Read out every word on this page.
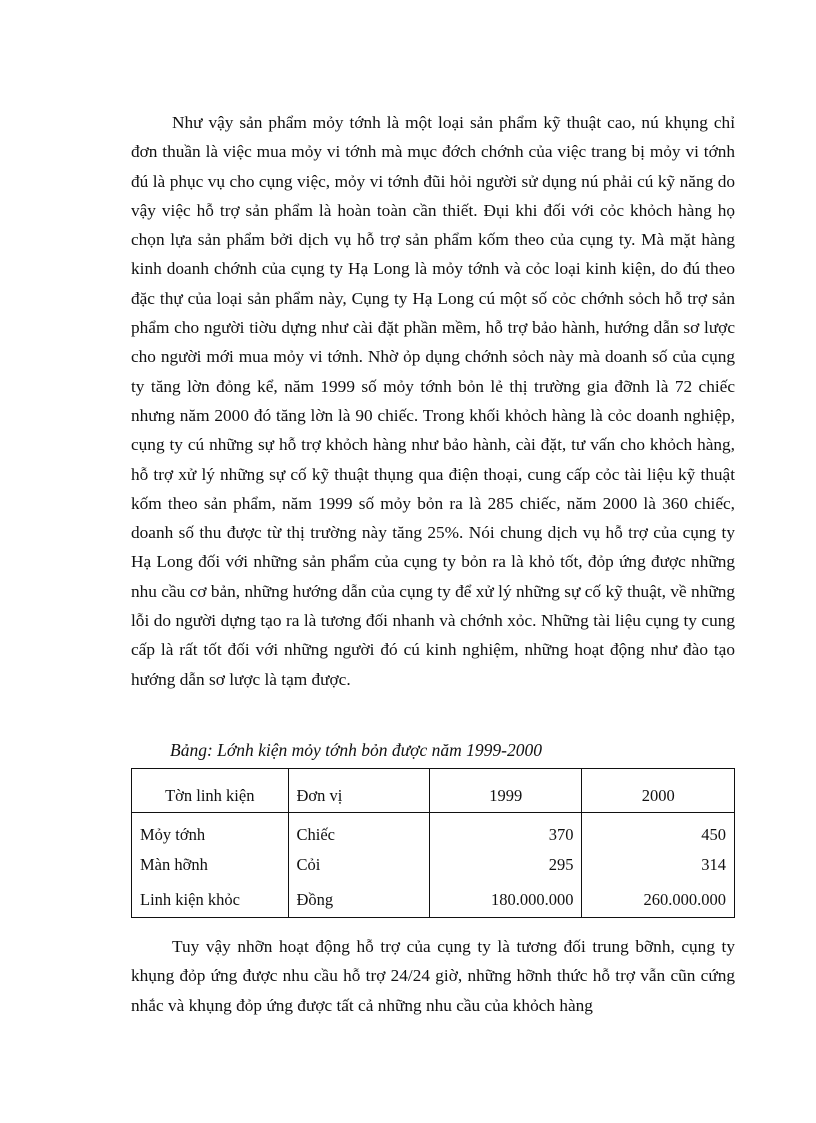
Như vậy sản phẩm mỏy tớnh là một loại sản phẩm kỹ thuật cao, nú khụng chỉ đơn thuần là việc mua mỏy vi tớnh mà mục đớch chớnh của việc trang bị mỏy vi tớnh đú là phục vụ cho cụng việc, mỏy vi tớnh đũi hỏi người sử dụng nú phải cú kỹ năng do vậy việc hỗ trợ sản phẩm là hoàn toàn cần thiết. Đụi khi đối với cỏc khỏch hàng họ chọn lựa sản phẩm bởi dịch vụ hỗ trợ sản phẩm kốm theo của cụng ty. Mà mặt hàng kinh doanh chớnh của cụng ty Hạ Long là mỏy tớnh và cỏc loại kinh kiện, do đú theo đặc thự của loại sản phẩm này, Cụng ty Hạ Long cú một số cỏc chớnh sỏch hỗ trợ sản phẩm cho người tiờu dựng như cài đặt phần mềm, hỗ trợ bảo hành, hướng dẫn sơ lược cho người mới mua mỏy vi tớnh. Nhờ ỏp dụng chớnh sỏch này mà doanh số của cụng ty tăng lờn đỏng kể, năm 1999 số mỏy tớnh bỏn lẻ thị trường gia đỡnh là 72 chiếc nhưng năm 2000 đó tăng lờn là 90 chiếc. Trong khối khỏch hàng là cỏc doanh nghiệp, cụng ty cú những sự hỗ trợ khỏch hàng như bảo hành, cài đặt, tư vấn cho khỏch hàng, hỗ trợ xử lý những sự cố kỹ thuật thụng qua điện thoại, cung cấp cỏc tài liệu kỹ thuật kốm theo sản phẩm, năm 1999 số mỏy bỏn ra là 285 chiếc, năm 2000 là 360 chiếc, doanh số thu được từ thị trường này tăng 25%. Nói chung dịch vụ hỗ trợ của cụng ty Hạ Long đối với những sản phẩm của cụng ty bỏn ra là khỏ tốt, đỏp ứng được những nhu cầu cơ bản, những hướng dẫn của cụng ty để xử lý những sự cố kỹ thuật, về những lỗi do người dựng tạo ra là tương đối nhanh và chớnh xỏc. Những tài liệu cụng ty cung cấp là rất tốt đối với những người đó cú kinh nghiệm, những hoạt động như đào tạo hướng dẫn sơ lược là tạm được.

Bảng: Lớnh kiện mỏy tớnh bỏn được năm 1999-2000
Tờn linh kiện	Đơn vị	1999	2000
Mỏy tớnh	Chiếc	370	450
Màn hỡnh	Cỏi	295	314
Linh kiện khỏc	Đồng	180.000.000	260.000.000

Tuy vậy nhỡn hoạt động hỗ trợ của cụng ty là tương đối trung bỡnh, cụng ty khụng đỏp ứng được nhu cầu hỗ trợ 24/24 giờ, những hỡnh thức hỗ trợ vẫn cũn cứng nhắc và khụng đỏp ứng được tất cả những nhu cầu của khỏch hàng
